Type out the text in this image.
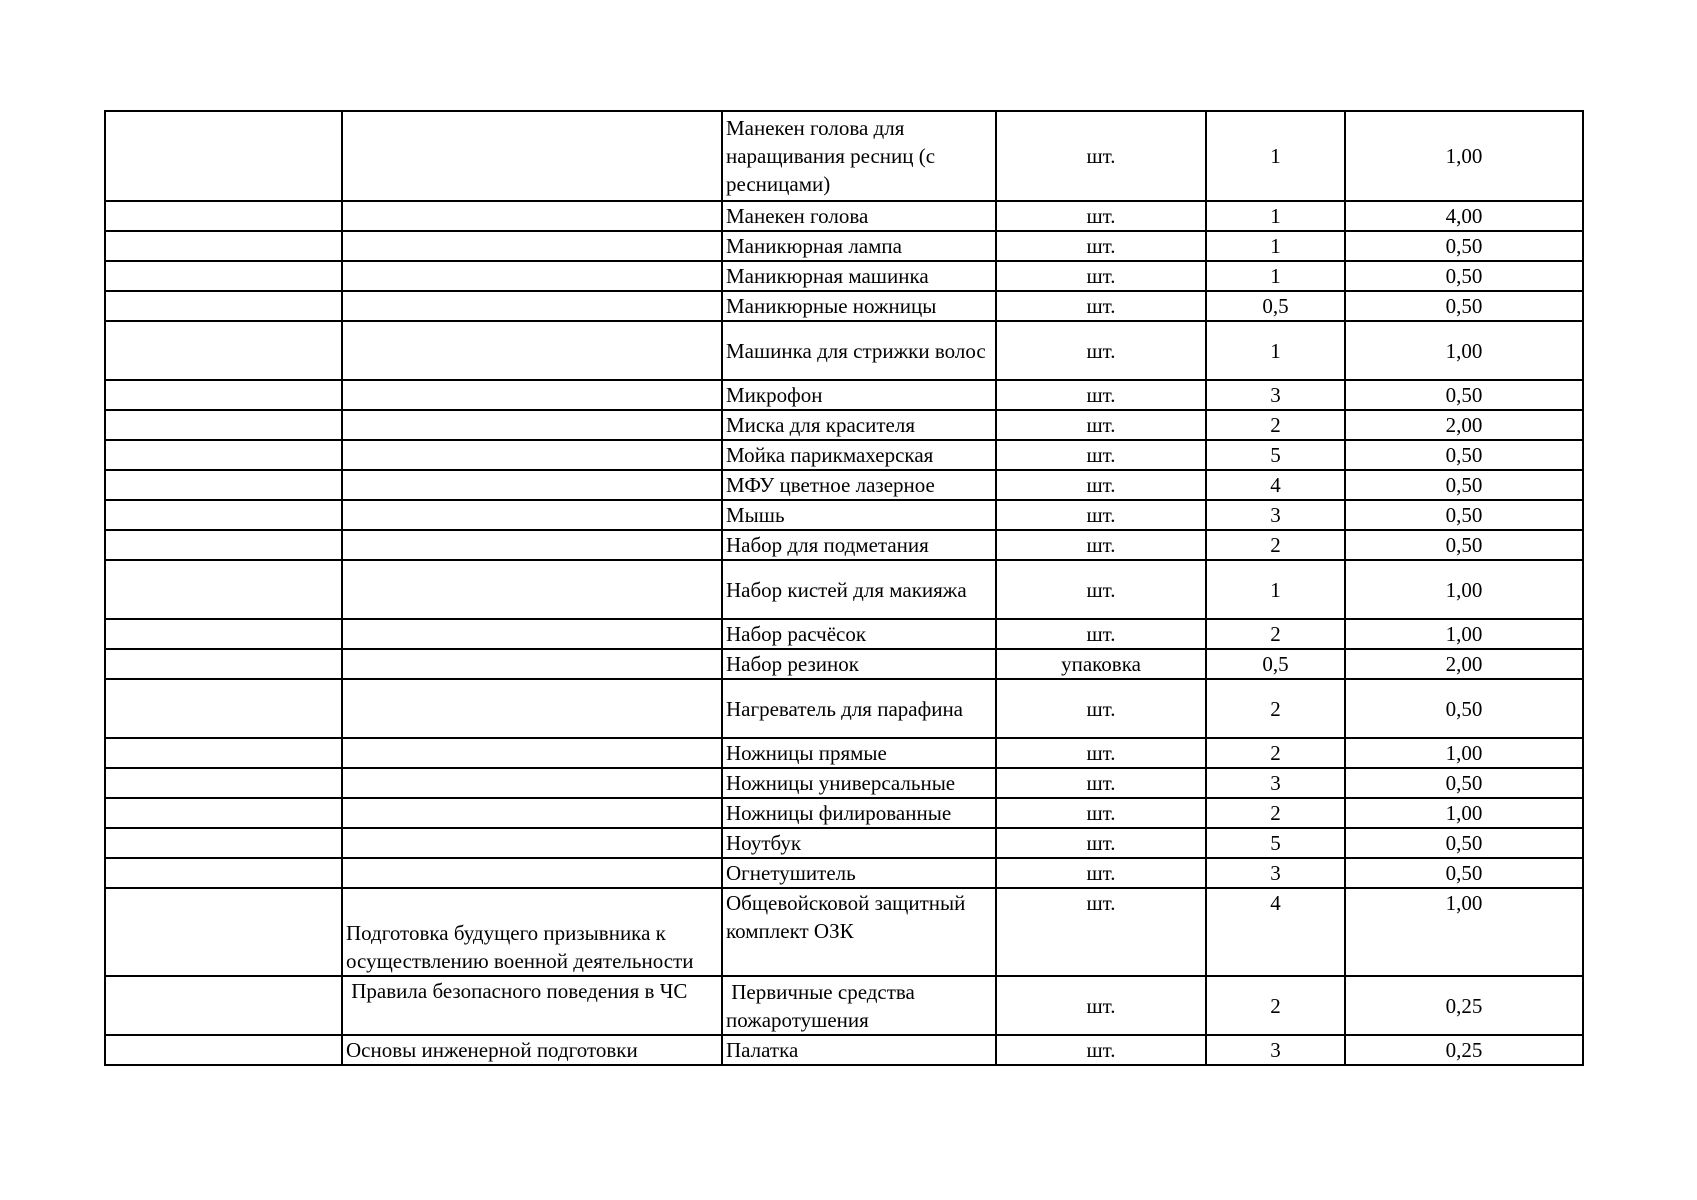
		Манекен голова для наращивания ресниц (с ресницами)	шт.	1	1,00
		Манекен голова	шт.	1	4,00
		Маникюрная лампа	шт.	1	0,50
		Маникюрная машинка	шт.	1	0,50
		Маникюрные ножницы	шт.	0,5	0,50
		Машинка для стрижки волос	шт.	1	1,00
		Микрофон	шт.	3	0,50
		Миска для красителя	шт.	2	2,00
		Мойка парикмахерская	шт.	5	0,50
		МФУ цветное лазерное	шт.	4	0,50
		Мышь	шт.	3	0,50
		Набор для подметания	шт.	2	0,50
		Набор кистей для макияжа	шт.	1	1,00
		Набор расчёсок	шт.	2	1,00
		Набор резинок	упаковка	0,5	2,00
		Нагреватель для парафина	шт.	2	0,50
		Ножницы прямые	шт.	2	1,00
		Ножницы универсальные	шт.	3	0,50
		Ножницы филированные	шт.	2	1,00
		Ноутбук	шт.	5	0,50
		Огнетушитель	шт.	3	0,50
	Подготовка будущего призывника к осуществлению военной деятельности	Общевойсковой защитный комплект ОЗК	шт.	4	1,00
	Правила безопасного поведения в ЧС	Первичные средства пожаротушения	шт.	2	0,25
	Основы инженерной подготовки	Палатка	шт.	3	0,25
